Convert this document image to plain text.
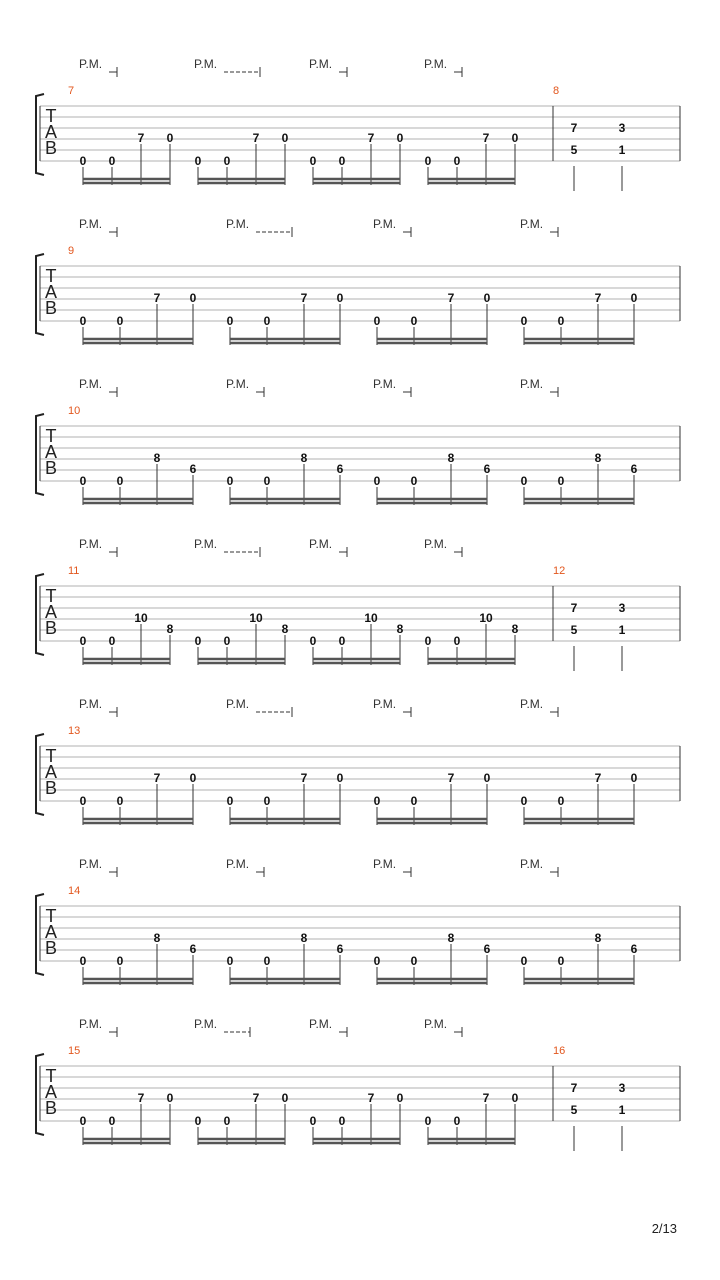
T
A
B
7
P.M.
0 0
7 0
P.M.
0 0
7 0
P.M.
0 0
7 0
P.M.
0 0
7 0
8
7
5
3
1
T
A
B
9
P.M.
0	0
7 0
P.M.
0	0
7 0
P.M.
0	0
7 0
P.M.
0	0
7 0
T
A
B
10
P.M.
0	0
8
6
P.M.
0	0
8
6
P.M.
0	0
8
6
P.M.
0	0
8
6
T
A
B
11
P.M.
0 0
10
8
P.M.
0 0
10
8
P.M.
0 0
10
8
P.M.
0 0
10
8
12
7
5
3
1
T
A
B
13
P.M.
0	0
7 0
P.M.
0	0
7 0
P.M.
0	0
7 0
P.M.
0	0
7 0
T
A
B
14
P.M.
0	0
8
6
P.M.
0	0
8
6
P.M.
0	0
8
6
P.M.
0	0
8
6
T
A
B
15
P.M.
0 0
7 0
P.M.
0 0
7 0
P.M.
0 0
7 0
P.M.
0 0
7 0
16
7
5
3
1
2/13
